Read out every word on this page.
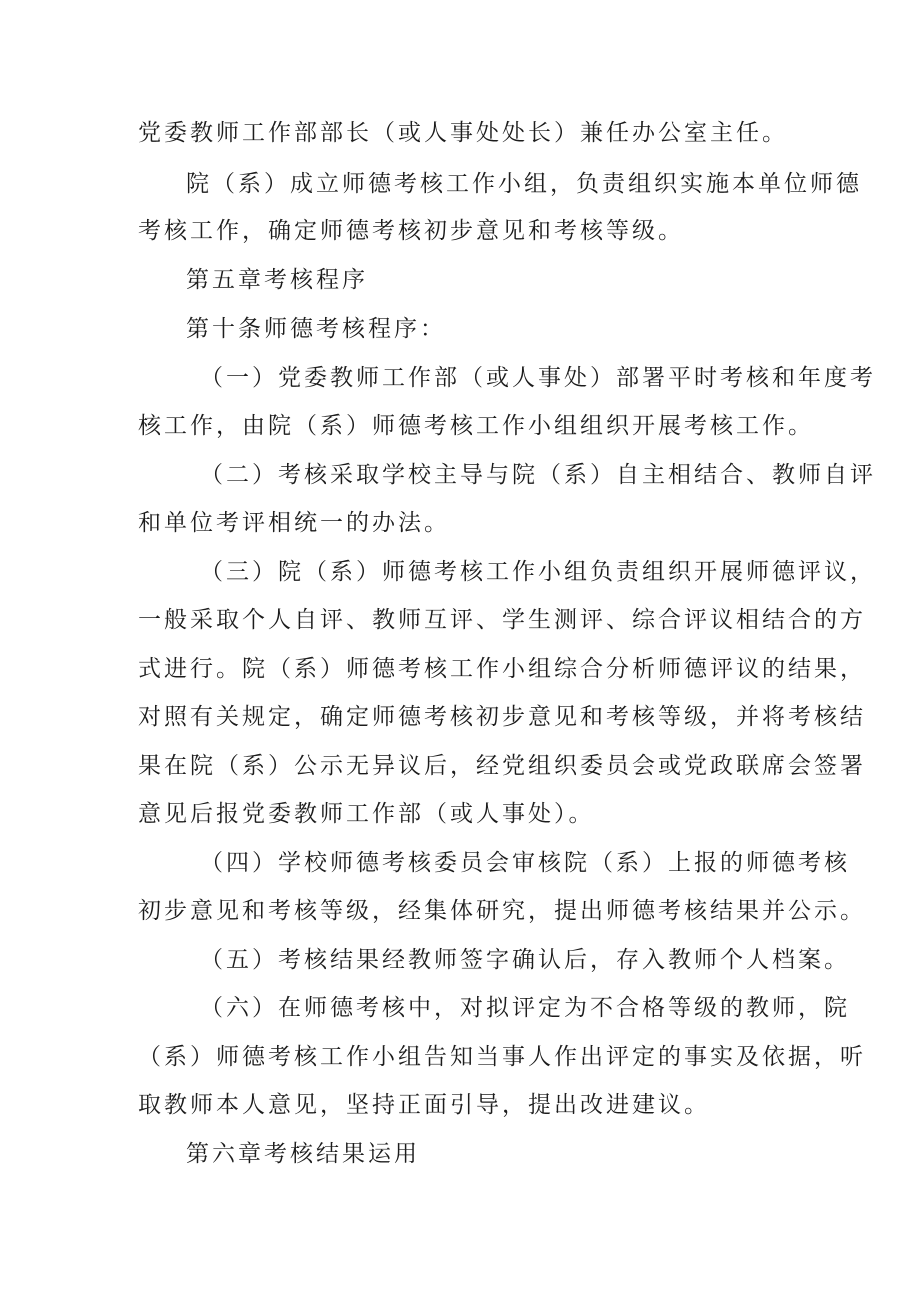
党委教师工作部部长（或人事处处长）兼任办公室主任。
院（系）成立师德考核工作小组，负责组织实施本单位师德
考核工作，确定师德考核初步意见和考核等级。
第五章考核程序
第十条师德考核程序：
（一）党委教师工作部（或人事处）部署平时考核和年度考
核工作，由院（系）师德考核工作小组组织开展考核工作。
（二）考核采取学校主导与院（系）自主相结合、教师自评
和单位考评相统一的办法。
（三）院（系）师德考核工作小组负责组织开展师德评议，
一般采取个人自评、教师互评、学生测评、综合评议相结合的方
式进行。院（系）师德考核工作小组综合分析师德评议的结果，
对照有关规定，确定师德考核初步意见和考核等级，并将考核结
果在院（系）公示无异议后，经党组织委员会或党政联席会签署
意见后报党委教师工作部（或人事处）。
（四）学校师德考核委员会审核院（系）上报的师德考核
初步意见和考核等级，经集体研究，提出师德考核结果并公示。
（五）考核结果经教师签字确认后，存入教师个人档案。
（六）在师德考核中，对拟评定为不合格等级的教师，院
（系）师德考核工作小组告知当事人作出评定的事实及依据，听
取教师本人意见，坚持正面引导，提出改进建议。
第六章考核结果运用
